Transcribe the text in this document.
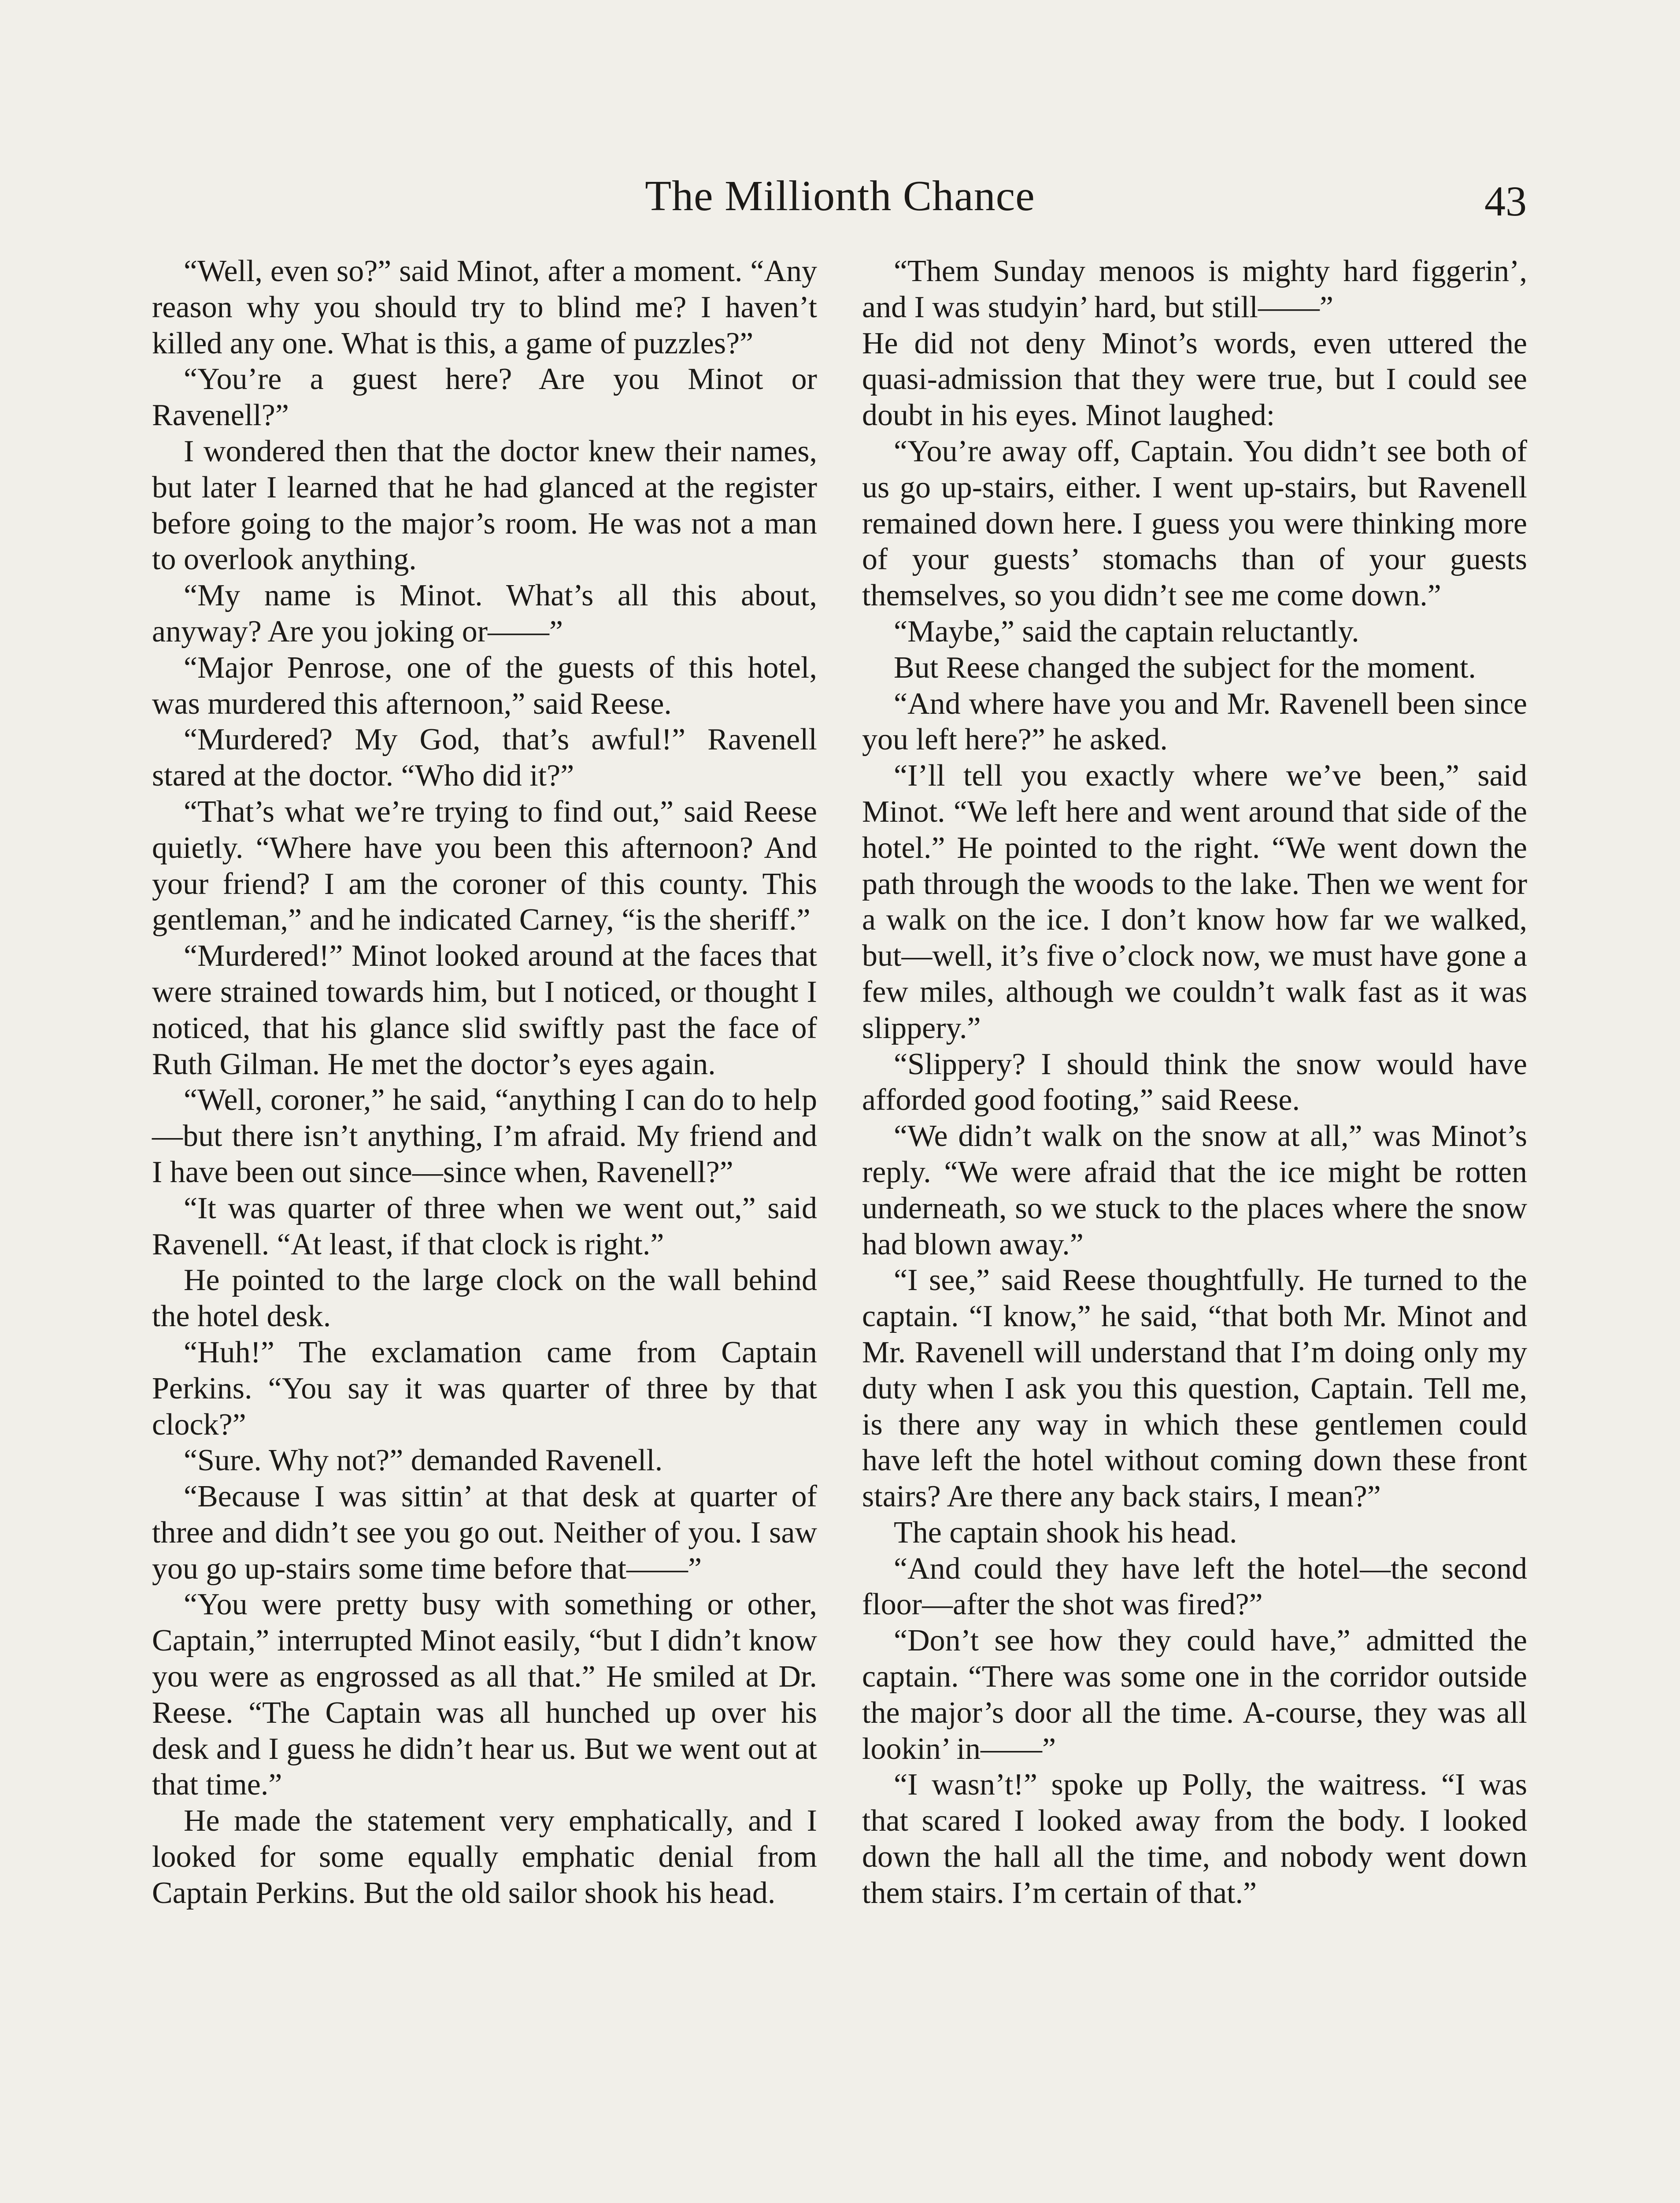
The Millionth Chance	43

“Well, even so?” said Minot, after a moment. “Any reason why you should try to blind me? I haven’t killed any one. What is this, a game of puzzles?”

“You’re a guest here? Are you Minot or Ravenell?”

I wondered then that the doctor knew their names, but later I learned that he had glanced at the register before going to the major’s room. He was not a man to overlook anything.

“My name is Minot. What’s all this about, anyway? Are you joking or——”

“Major Penrose, one of the guests of this hotel, was murdered this afternoon,” said Reese.

“Murdered? My God, that’s awful!” Ravenell stared at the doctor. “Who did it?”

“That’s what we’re trying to find out,” said Reese quietly. “Where have you been this afternoon? And your friend? I am the coroner of this county. This gentleman,” and he indicated Carney, “is the sheriff.”

“Murdered!” Minot looked around at the faces that were strained towards him, but I noticed, or thought I noticed, that his glance slid swiftly past the face of Ruth Gilman. He met the doctor’s eyes again.

“Well, coroner,” he said, “anything I can do to help—but there isn’t anything, I’m afraid. My friend and I have been out since—since when, Ravenell?”

“It was quarter of three when we went out,” said Ravenell. “At least, if that clock is right.”

He pointed to the large clock on the wall behind the hotel desk.

“Huh!” The exclamation came from Captain Perkins. “You say it was quarter of three by that clock?”

“Sure. Why not?” demanded Ravenell.

“Because I was sittin’ at that desk at quarter of three and didn’t see you go out. Neither of you. I saw you go up-stairs some time before that——”

“You were pretty busy with something or other, Captain,” interrupted Minot easily, “but I didn’t know you were as engrossed as all that.” He smiled at Dr. Reese. “The Captain was all hunched up over his desk and I guess he didn’t hear us. But we went out at that time.”

He made the statement very emphatically, and I looked for some equally emphatic denial from Captain Perkins. But the old sailor shook his head.

“Them Sunday menoos is mighty hard figgerin’, and I was studyin’ hard, but still——”

He did not deny Minot’s words, even uttered the quasi-admission that they were true, but I could see doubt in his eyes. Minot laughed:

“You’re away off, Captain. You didn’t see both of us go up-stairs, either. I went up-stairs, but Ravenell remained down here. I guess you were thinking more of your guests’ stomachs than of your guests themselves, so you didn’t see me come down.”

“Maybe,” said the captain reluctantly.

But Reese changed the subject for the moment.

“And where have you and Mr. Ravenell been since you left here?” he asked.

“I’ll tell you exactly where we’ve been,” said Minot. “We left here and went around that side of the hotel.” He pointed to the right. “We went down the path through the woods to the lake. Then we went for a walk on the ice. I don’t know how far we walked, but—well, it’s five o’clock now, we must have gone a few miles, although we couldn’t walk fast as it was slippery.”

“Slippery? I should think the snow would have afforded good footing,” said Reese.

“We didn’t walk on the snow at all,” was Minot’s reply. “We were afraid that the ice might be rotten underneath, so we stuck to the places where the snow had blown away.”

“I see,” said Reese thoughtfully. He turned to the captain. “I know,” he said, “that both Mr. Minot and Mr. Ravenell will understand that I’m doing only my duty when I ask you this question, Captain. Tell me, is there any way in which these gentlemen could have left the hotel without coming down these front stairs? Are there any back stairs, I mean?”

The captain shook his head.

“And could they have left the hotel—the second floor—after the shot was fired?”

“Don’t see how they could have,” admitted the captain. “There was some one in the corridor outside the major’s door all the time. A-course, they was all lookin’ in——”

“I wasn’t!” spoke up Polly, the waitress. “I was that scared I looked away from the body. I looked down the hall all the time, and nobody went down them stairs. I’m certain of that.”
